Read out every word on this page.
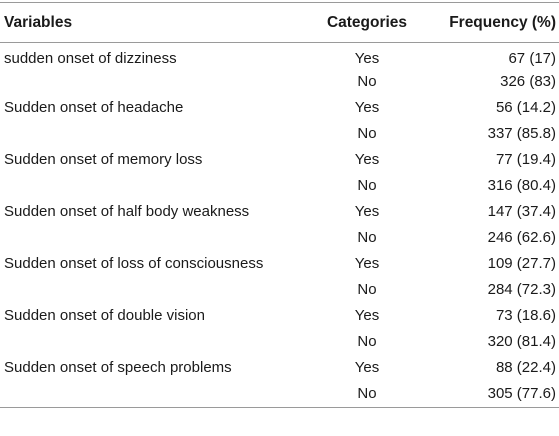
Variables	Categories	Frequency (%)
sudden onset of dizziness	Yes	67 (17)
	No	326 (83)
Sudden onset of headache	Yes	56 (14.2)
	No	337 (85.8)
Sudden onset of memory loss	Yes	77 (19.4)
	No	316 (80.4)
Sudden onset of half body weakness	Yes	147 (37.4)
	No	246 (62.6)
Sudden onset of loss of consciousness	Yes	109 (27.7)
	No	284 (72.3)
Sudden onset of double vision	Yes	73 (18.6)
	No	320 (81.4)
Sudden onset of speech problems	Yes	88 (22.4)
	No	305 (77.6)
